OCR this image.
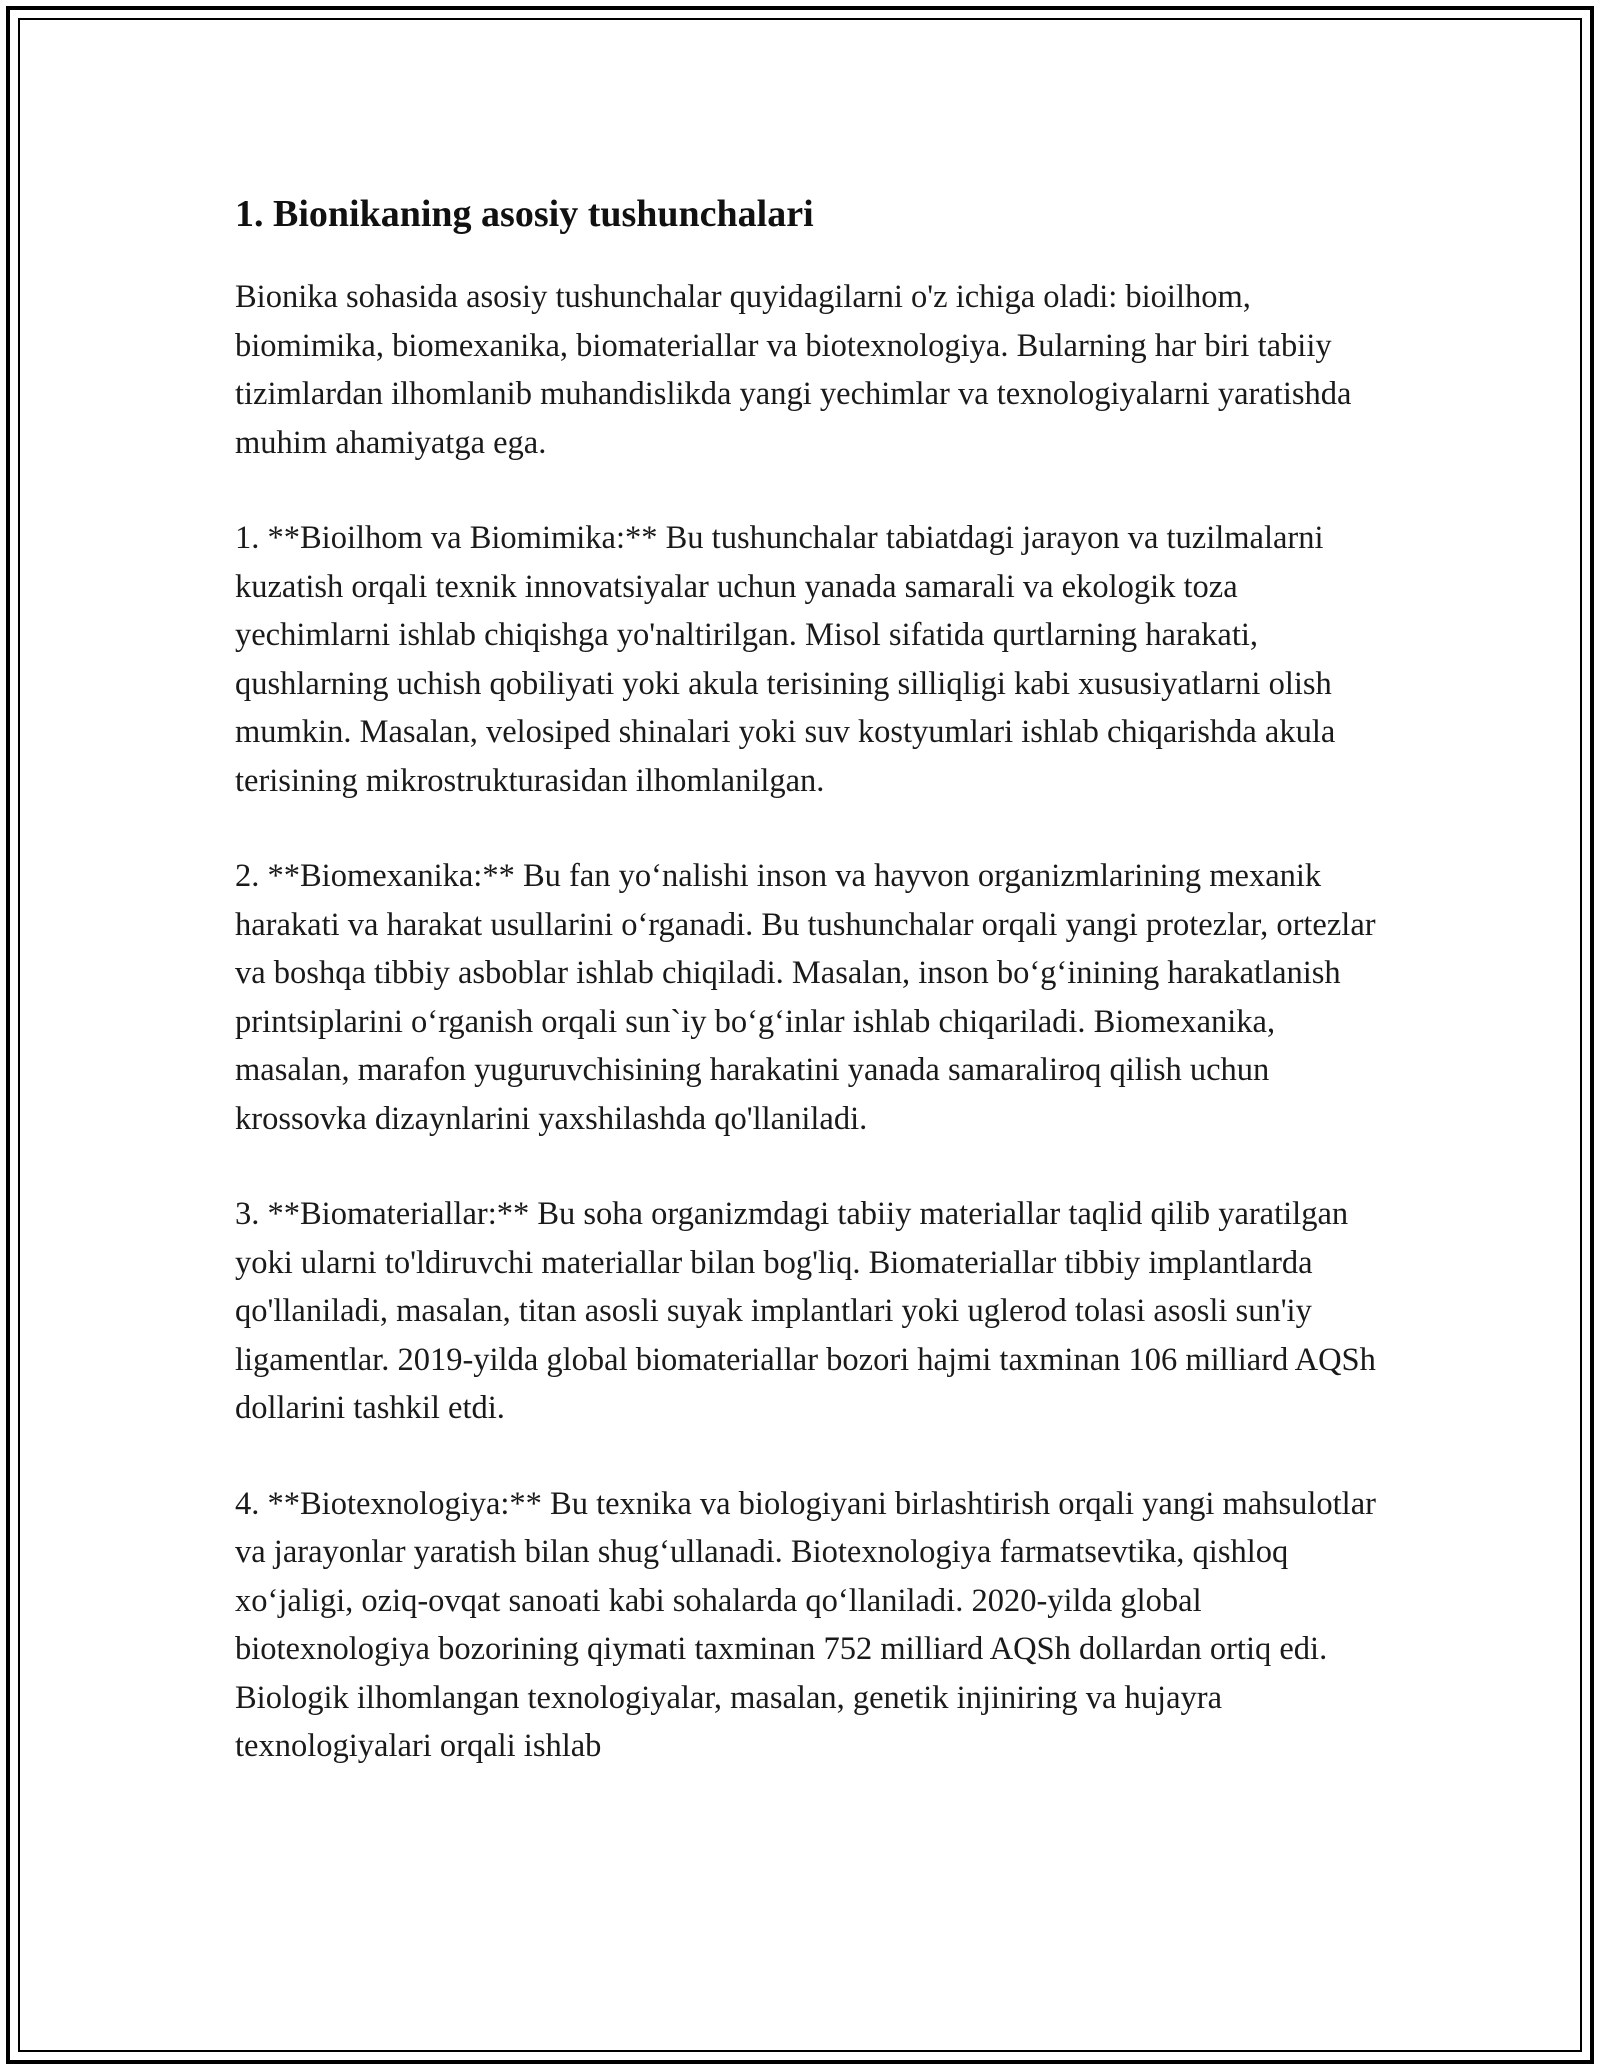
1. Bionikaning asosiy tushunchalari

Bionika sohasida asosiy tushunchalar quyidagilarni o'z ichiga oladi: bioilhom, biomimika, biomexanika, biomateriallar va biotexnologiya. Bularning har biri tabiiy tizimlardan ilhomlanib muhandislikda yangi yechimlar va texnologiyalarni yaratishda muhim ahamiyatga ega.

1. **Bioilhom va Biomimika:** Bu tushunchalar tabiatdagi jarayon va tuzilmalarni kuzatish orqali texnik innovatsiyalar uchun yanada samarali va ekologik toza yechimlarni ishlab chiqishga yo'naltirilgan. Misol sifatida qurtlarning harakati, qushlarning uchish qobiliyati yoki akula terisining silliqligi kabi xususiyatlarni olish mumkin. Masalan, velosiped shinalari yoki suv kostyumlari ishlab chiqarishda akula terisining mikrostrukturasidan ilhomlanilgan.

2. **Biomexanika:** Bu fan yo‘nalishi inson va hayvon organizmlarining mexanik harakati va harakat usullarini o‘rganadi. Bu tushunchalar orqali yangi protezlar, ortezlar va boshqa tibbiy asboblar ishlab chiqiladi. Masalan, inson bo‘g‘inining harakatlanish printsiplarini o‘rganish orqali sun`iy bo‘g‘inlar ishlab chiqariladi. Biomexanika, masalan, marafon yuguruvchisining harakatini yanada samaraliroq qilish uchun krossovka dizaynlarini yaxshilashda qo'llaniladi.

3. **Biomateriallar:** Bu soha organizmdagi tabiiy materiallar taqlid qilib yaratilgan yoki ularni to'ldiruvchi materiallar bilan bog'liq. Biomateriallar tibbiy implantlarda qo'llaniladi, masalan, titan asosli suyak implantlari yoki uglerod tolasi asosli sun'iy ligamentlar. 2019-yilda global biomateriallar bozori hajmi taxminan 106 milliard AQSh dollarini tashkil etdi.

4. **Biotexnologiya:** Bu texnika va biologiyani birlashtirish orqali yangi mahsulotlar va jarayonlar yaratish bilan shug‘ullanadi. Biotexnologiya farmatsevtika, qishloq xo‘jaligi, oziq-ovqat sanoati kabi sohalarda qo‘llaniladi. 2020-yilda global biotexnologiya bozorining qiymati taxminan 752 milliard AQSh dollardan ortiq edi. Biologik ilhomlangan texnologiyalar, masalan, genetik injiniring va hujayra texnologiyalari orqali ishlab
